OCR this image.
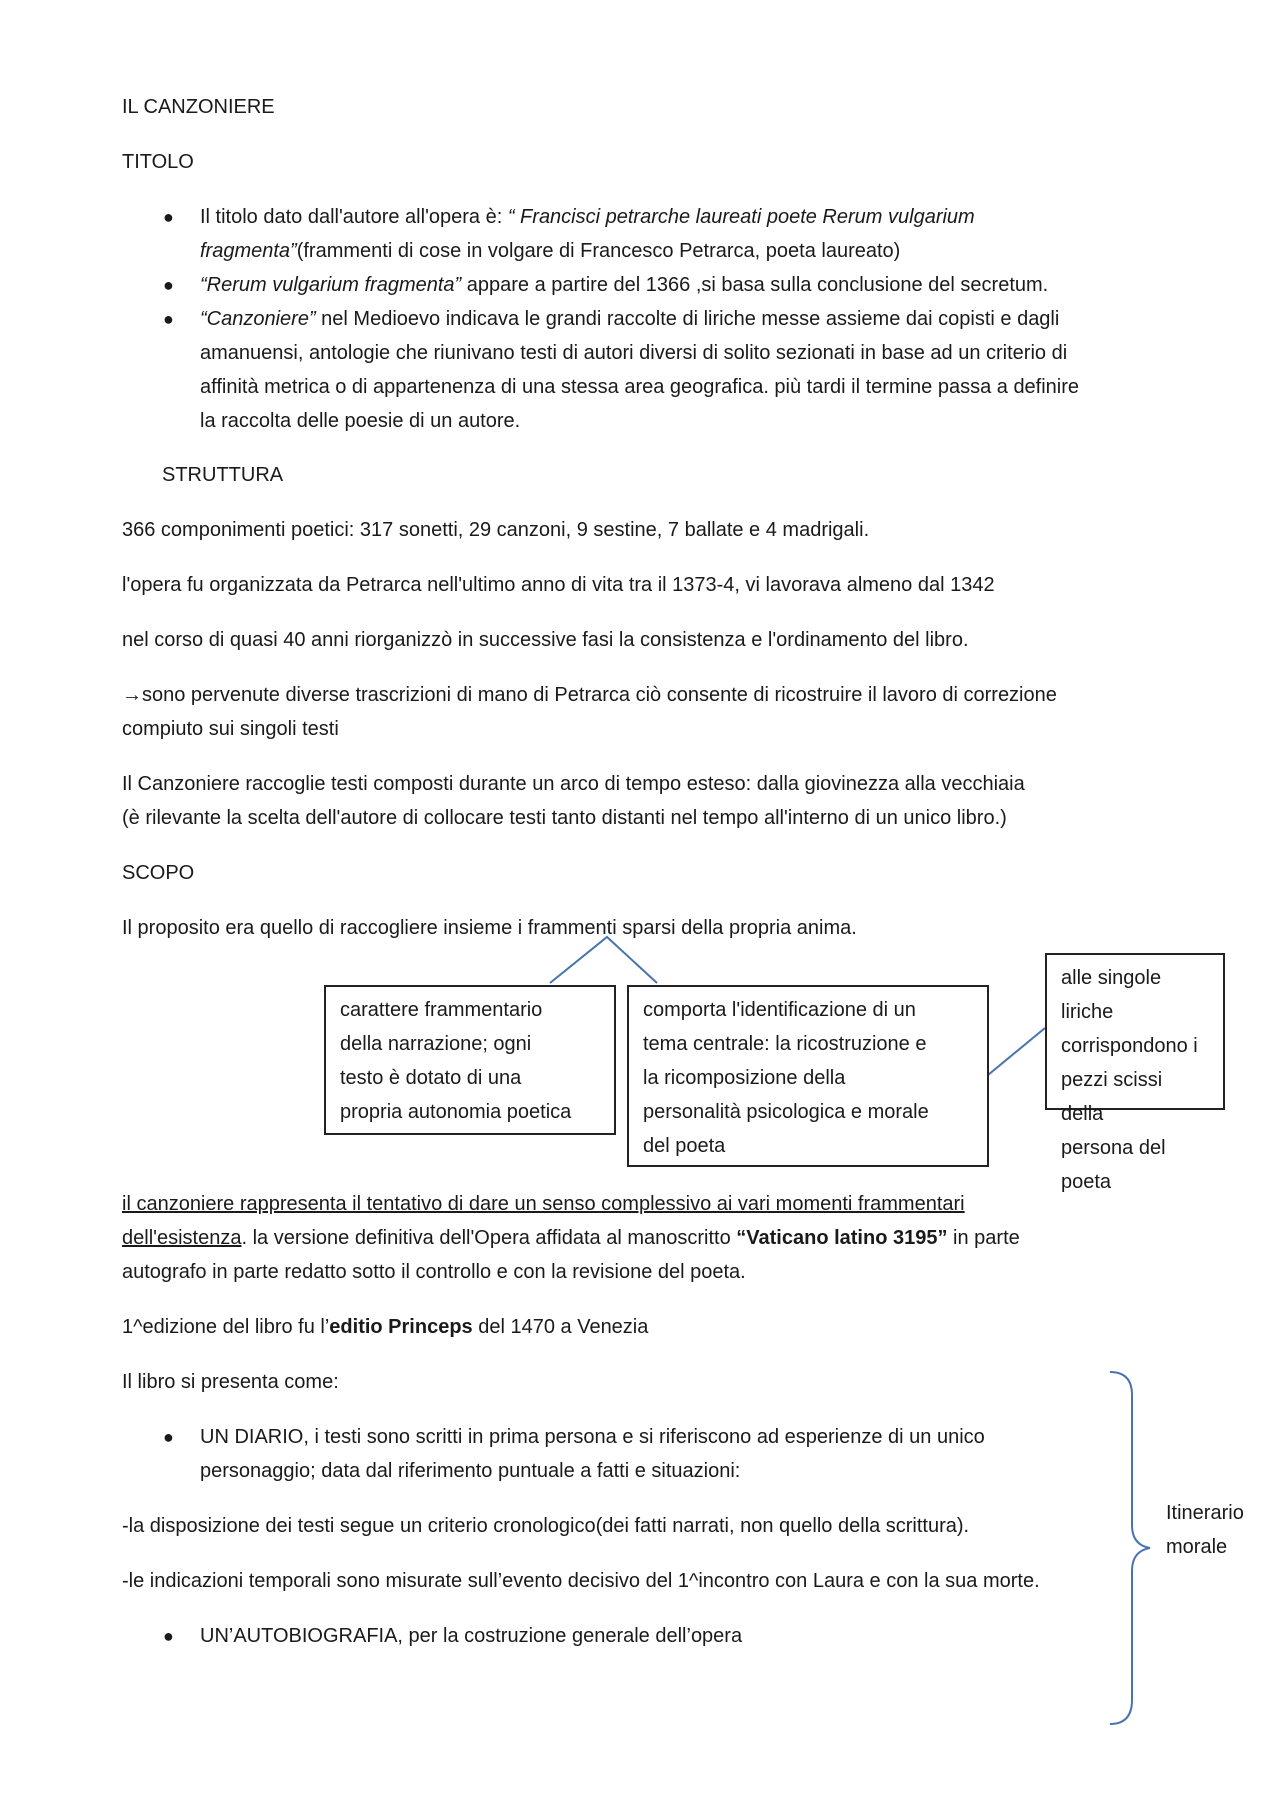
IL CANZONIERE
TITOLO
● Il titolo dato dall'autore all'opera è: “ Francisci petrarche laureati poete Rerum vulgarium
fragmenta”(frammenti di cose in volgare di Francesco Petrarca, poeta laureato)
● “Rerum vulgarium fragmenta” appare a partire del 1366 ,si basa sulla conclusione del secretum.
● “Canzoniere” nel Medioevo indicava le grandi raccolte di liriche messe assieme dai copisti e dagli
amanuensi, antologie che riunivano testi di autori diversi di solito sezionati in base ad un criterio di
affinità metrica o di appartenenza di una stessa area geografica. più tardi il termine passa a definire
la raccolta delle poesie di un autore.
STRUTTURA
366 componimenti poetici: 317 sonetti, 29 canzoni, 9 sestine, 7 ballate e 4 madrigali.
l'opera fu organizzata da Petrarca nell'ultimo anno di vita tra il 1373-4, vi lavorava almeno dal 1342
nel corso di quasi 40 anni riorganizzò in successive fasi la consistenza e l'ordinamento del libro.
→sono pervenute diverse trascrizioni di mano di Petrarca ciò consente di ricostruire il lavoro di correzione
compiuto sui singoli testi
Il Canzoniere raccoglie testi composti durante un arco di tempo esteso: dalla giovinezza alla vecchiaia
(è rilevante la scelta dell'autore di collocare testi tanto distanti nel tempo all'interno di un unico libro.)
SCOPO
Il proposito era quello di raccogliere insieme i frammenti sparsi della propria anima.
carattere frammentario
della narrazione; ogni
testo è dotato di una
propria autonomia poetica
comporta l'identificazione di un
tema centrale: la ricostruzione e
la ricomposizione della
personalità psicologica e morale
del poeta
alle singole liriche
corrispondono i
pezzi scissi della
persona del poeta
il canzoniere rappresenta il tentativo di dare un senso complessivo ai vari momenti frammentari
dell'esistenza. la versione definitiva dell'Opera affidata al manoscritto “Vaticano latino 3195” in parte
autografo in parte redatto sotto il controllo e con la revisione del poeta.
1^edizione del libro fu l’editio Princeps del 1470 a Venezia
Il libro si presenta come:
● UN DIARIO, i testi sono scritti in prima persona e si riferiscono ad esperienze di un unico
personaggio; data dal riferimento puntuale a fatti e situazioni:
-la disposizione dei testi segue un criterio cronologico(dei fatti narrati, non quello della scrittura).
-le indicazioni temporali sono misurate sull’evento decisivo del 1^incontro con Laura e con la sua morte.
● UN’AUTOBIOGRAFIA, per la costruzione generale dell’opera
Itinerario
morale
